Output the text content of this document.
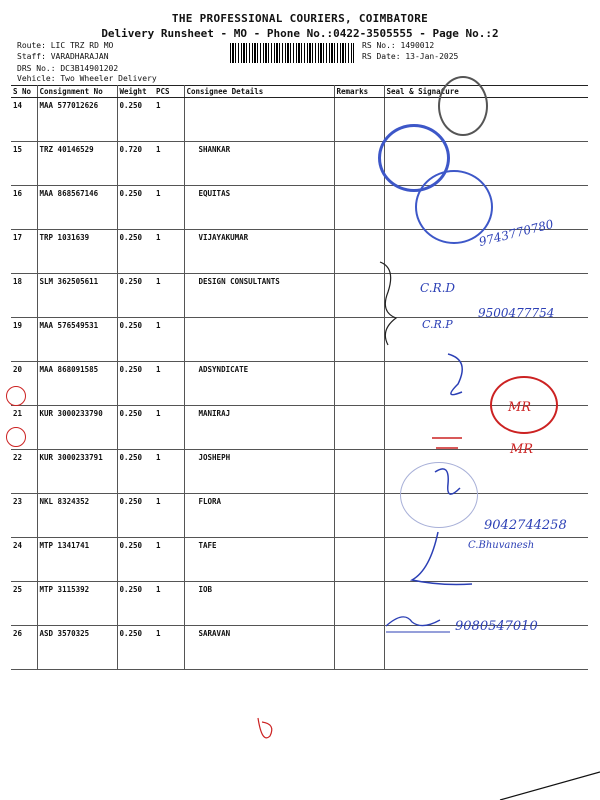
THE PROFESSIONAL COURIERS, COIMBATORE
Delivery Runsheet - MO - Phone No.:0422-3505555 - Page No.:2
Route: LIC TRZ RD MO
Staff: VARADHARAJAN
DRS No.: DC3B14901202
Vehicle: Two Wheeler Delivery
RS No.: 1490012
RS Date: 13-Jan-2025
S No	Consignment No	Weight	PCS	Consignee Details	Remarks	Seal & Signature
14	MAA 577012626	0.250	1			
15	TRZ 40146529	0.720	1	SHANKAR		
16	MAA 868567146	0.250	1	EQUITAS		
17	TRP 1031639	0.250	1	VIJAYAKUMAR		
18	SLM 362505611	0.250	1	DESIGN CONSULTANTS		
19	MAA 576549531	0.250	1			
20	MAA 868091585	0.250	1	ADSYNDICATE		
21	KUR 3000233790	0.250	1	MANIRAJ		
22	KUR 3000233791	0.250	1	JOSHEPH		
23	NKL 8324352	0.250	1	FLORA		
24	MTP 1341741	0.250	1	TAFE		
25	MTP 3115392	0.250	1	IOB		
26	ASD 3570325	0.250	1	SARAVAN		
9743770780
C.R.D
9500477754
C.R.P
MR
MR
9042744258
C.Bhuvanesh
9080547010
